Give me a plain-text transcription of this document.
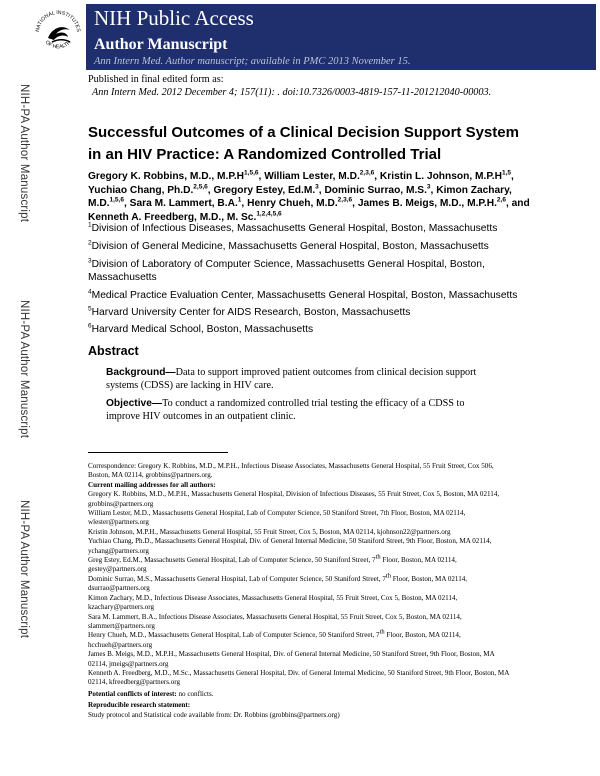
NIH-PA Author Manuscript
NIH-PA Author Manuscript
NIH-PA Author Manuscript
NATIONAL INSTITUTES
OF HEALTH
NIH Public Access
Author Manuscript
Ann Intern Med. Author manuscript; available in PMC 2013 November 15.
Published in final edited form as:
Ann Intern Med. 2012 December 4; 157(11): . doi:10.7326/0003-4819-157-11-201212040-00003.
Successful Outcomes of a Clinical Decision Support System in an HIV Practice: A Randomized Controlled Trial
Gregory K. Robbins, M.D., $M.P.H^{1,5,6}$, William Lester, M.D.$^{2,3,6}$, Kristin L. Johnson, $M.P.H^{1,5}$, Yuchiao Chang, Ph.D.$^{2,5,6}$, Gregory Estey, Ed.M.$^3$, Dominic Surrao, M.S.$^3$, Kimon Zachary, M.D.$^{1,5,6}$, Sara M. Lammert, B.A.$^1$, Henry Chueh, M.D.$^{2,3,6}$, James B. Meigs, M.D., M.P.H.$^{2,6}$, and Kenneth A. Freedberg, M.D., M. Sc.$^{1,2,4,5,6}$
$^1$Division of Infectious Diseases, Massachusetts General Hospital, Boston, Massachusetts
$^2$Division of General Medicine, Massachusetts General Hospital, Boston, Massachusetts
$^3$Division of Laboratory of Computer Science, Massachusetts General Hospital, Boston, Massachusetts
$^4$Medical Practice Evaluation Center, Massachusetts General Hospital, Boston, Massachusetts
$^5$Harvard University Center for AIDS Research, Boston, Massachusetts
$^6$Harvard Medical School, Boston, Massachusetts
Abstract
Background—Data to support improved patient outcomes from clinical decision support systems (CDSS) are lacking in HIV care.
Objective—To conduct a randomized controlled trial testing the efficacy of a CDSS to improve HIV outcomes in an outpatient clinic.

Correspondence: Gregory K. Robbins, M.D., M.P.H., Infectious Disease Associates, Massachusetts General Hospital, 55 Fruit Street, Cox 506, Boston, MA 02114, grobbins@partners.org.

Current mailing addresses for all authors:

Gregory K. Robbins, M.D., M.P.H., Massachusetts General Hospital, Division of Infectious Diseases, 55 Fruit Street, Cox 5, Boston, MA 02114, grobbins@partners.org

William Lester, M.D., Massachusetts General Hospital, Lab of Computer Science, 50 Staniford Street, 7th Floor, Boston, MA 02114, wlester@partners.org

Kristin Johnson, M.P.H., Massachusetts General Hospital, 55 Fruit Street, Cox 5, Boston, MA 02114, kjohnson22@partners.org

Yuchiao Chang, Ph.D., Massachusetts General Hospital, Div. of General Internal Medicine, 50 Staniford Street, 9th Floor, Boston, MA 02114, ychang@partners.org

Greg Estey, Ed.M., Massachusetts General Hospital, Lab of Computer Science, 50 Staniford Street, 7th Floor, Boston, MA 02114, gestey@partners.org

Dominic Surrao, M.S., Massachusetts General Hospital, Lab of Computer Science, 50 Staniford Street, 7th Floor, Boston, MA 02114, dsurrao@partners.org

Kimon Zachary, M.D., Infectious Disease Associates, Massachusetts General Hospital, 55 Fruit Street, Cox 5, Boston, MA 02114, kzachary@partners.org

Sara M. Lammert, B.A., Infectious Disease Associates, Massachusetts General Hospital, 55 Fruit Street, Cox 5, Boston, MA 02114, slammert@partners.org

Henry Chueh, M.D., Massachusetts General Hospital, Lab of Computer Science, 50 Staniford Street, 7th Floor, Boston, MA 02114, hcchueh@partners.org

James B. Meigs, M.D., M.P.H., Massachusetts General Hospital, Div. of General Internal Medicine, 50 Staniford Street, 9th Floor, Boston, MA 02114, jmeigs@partners.org

Kenneth A. Freedberg, M.D., M.Sc., Massachusetts General Hospital, Div. of General Internal Medicine, 50 Staniford Street, 9th Floor, Boston, MA 02114, kfreedberg@partners.org

Potential conflicts of interest: no conflicts.

Reproducible research statement:

Study protocol and Statistical code available from: Dr. Robbins (grobbins@partners.org)
